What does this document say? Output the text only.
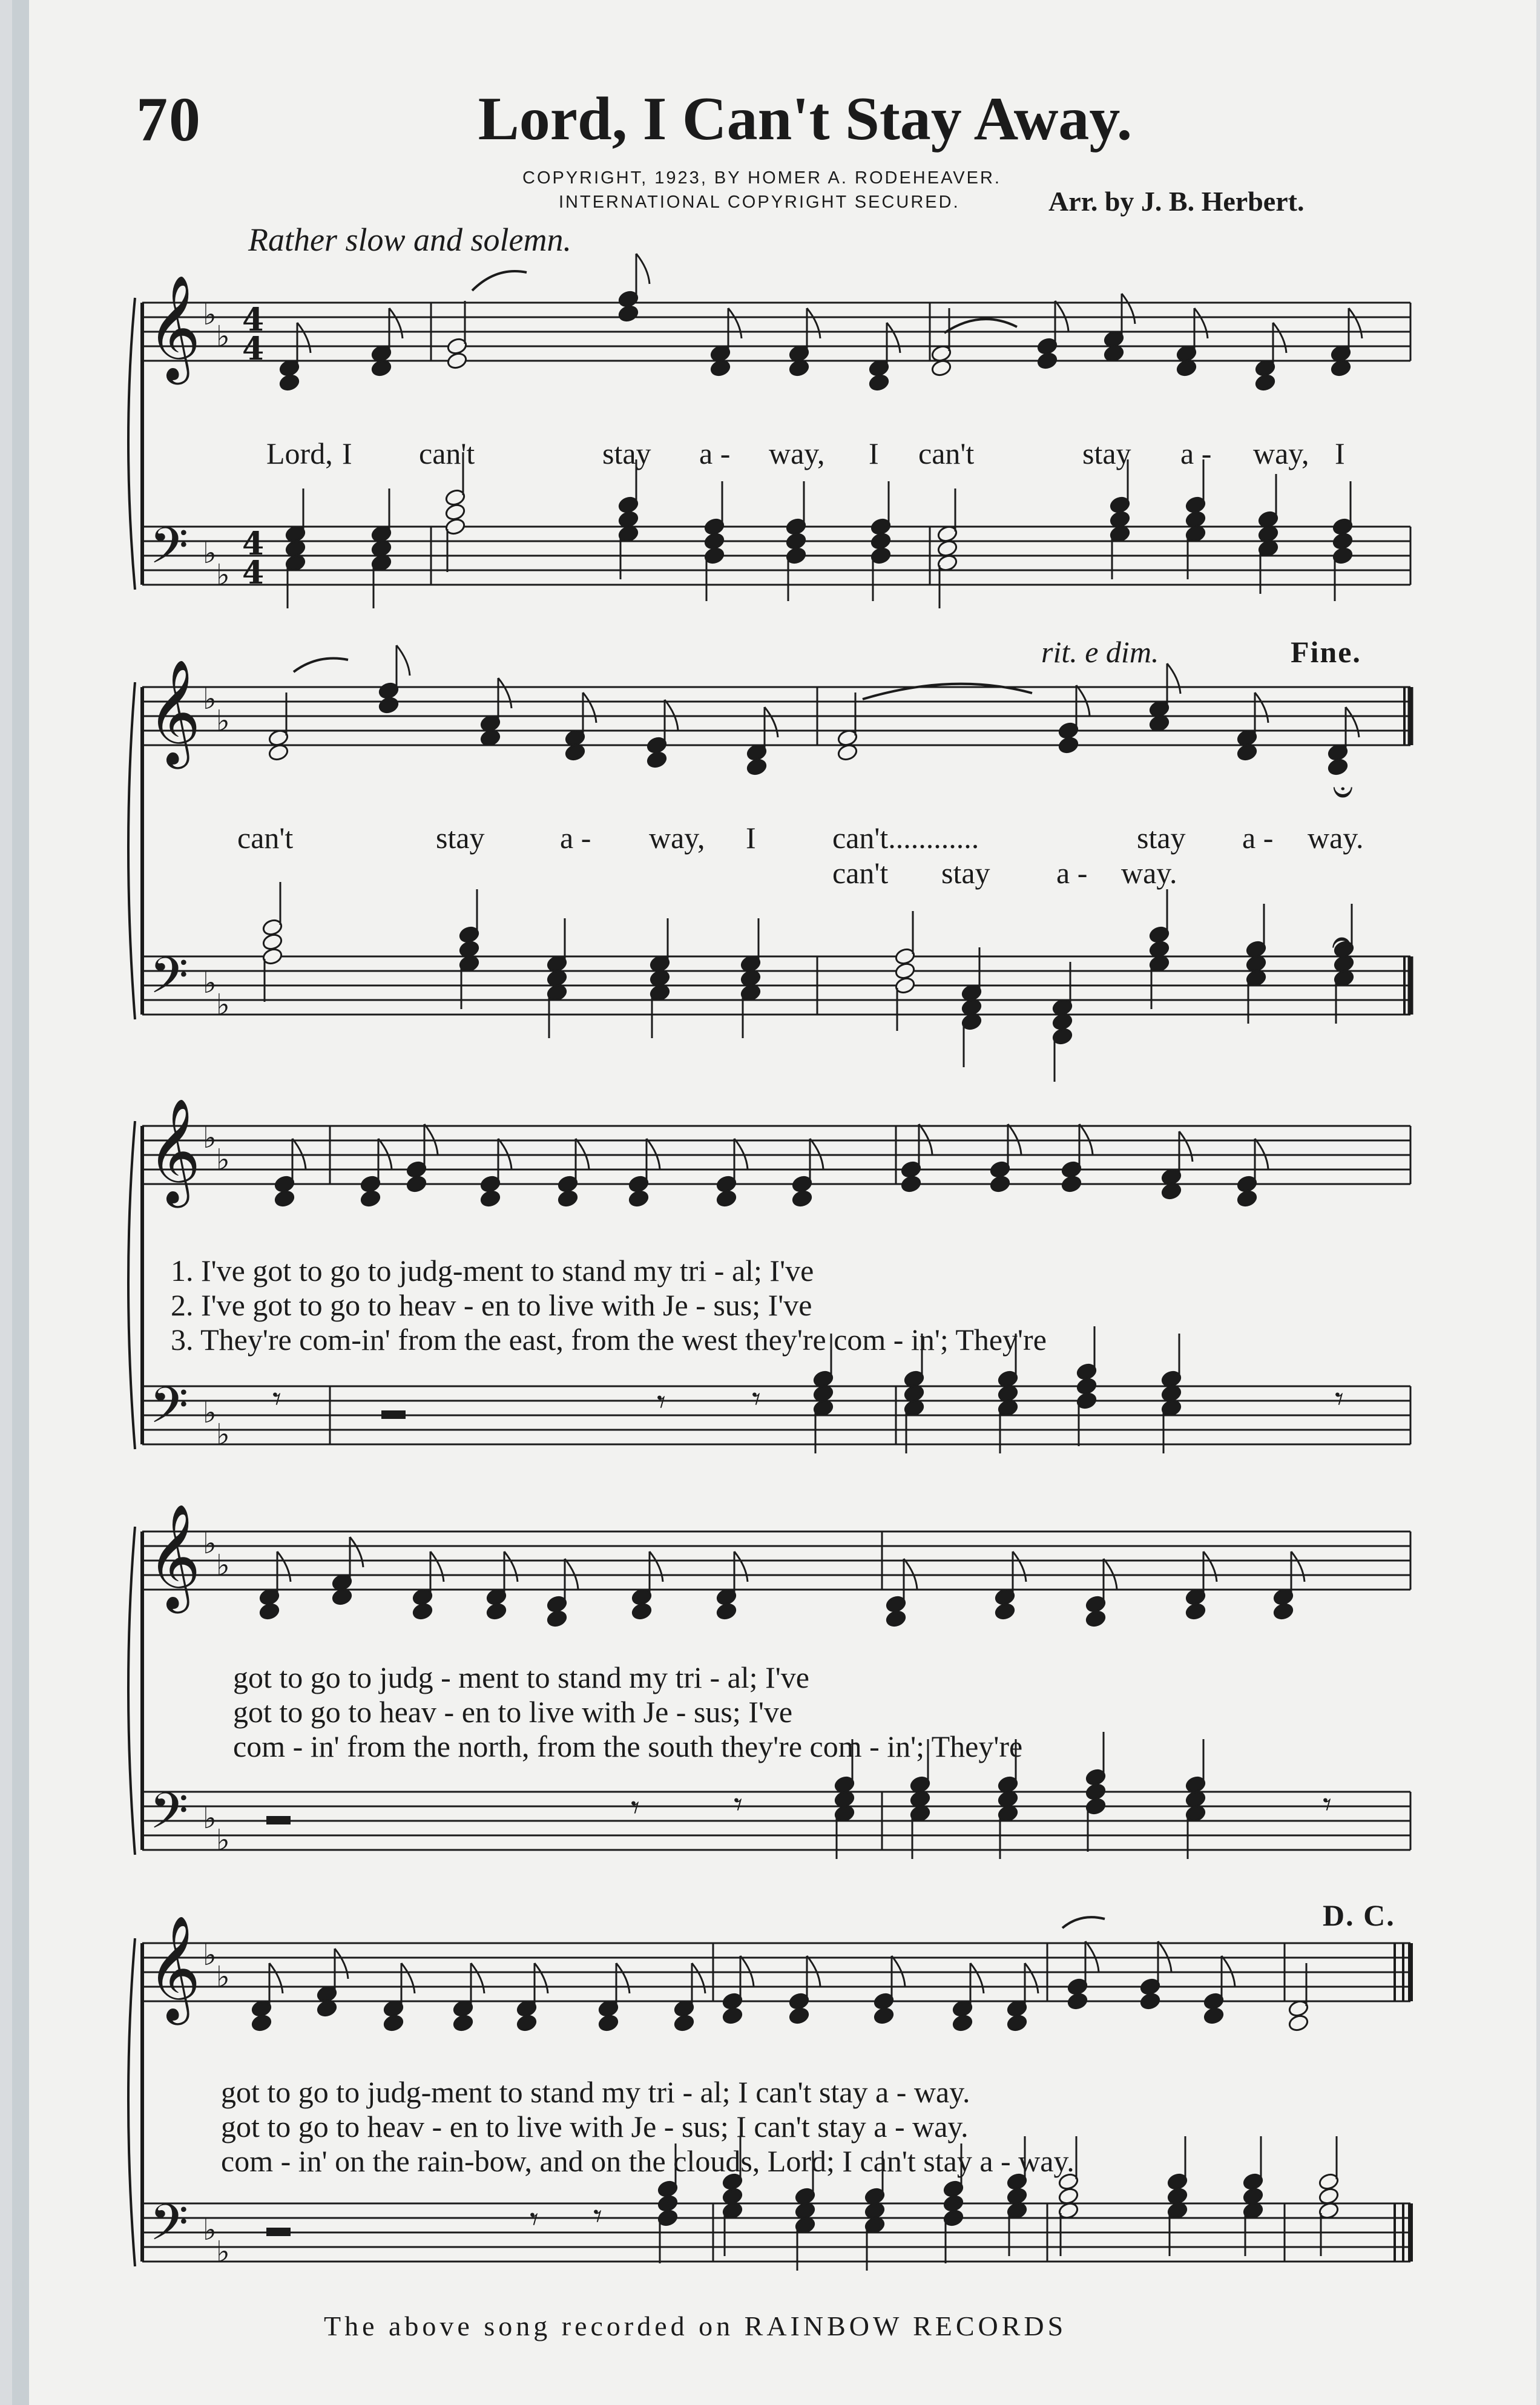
70	Lord, I Can't Stay Away.
COPYRIGHT, 1923, BY HOMER A. RODEHEAVER.
INTERNATIONAL COPYRIGHT SECURED.	Arr. by J. B. Herbert.
Rather slow and solemn.
rit. e dim.	Fine.
D. C.
𝄞
𝄢
♭
♭
♭
♭
4
4
4
4
𝄞
𝄢
♭
♭
♭
♭
𝄞
𝄢
♭
♭
♭
♭
𝄞
𝄢
♭
♭
♭
♭
𝄞
𝄢
♭
♭
♭
♭
𝄐
𝄐
𝄾	𝄾	𝄾
𝄾
𝄾	𝄾	𝄾
𝄾 𝄾
Lord, I can't	stay a - way, I can't	stay a - way, I
can't	stay a - way, I	can't............	stay a - way.
can't stay a - way.
1. I've got to go to judg-ment to stand my tri - al; I've
2. I've got to go to heav - en to live with Je - sus; I've
3. They're com-in' from the east, from the west they're com - in'; They're
got to go to judg - ment to stand my tri - al; I've
got to go to heav - en to live with Je - sus; I've
com - in' from the north, from the south they're com - in'; They're
got to go to judg-ment to stand my tri - al; I can't stay a - way.
got to go to heav - en to live with Je - sus; I can't stay a - way.
com - in' on the rain-bow, and on the clouds, Lord; I can't stay a - way.
The above song recorded on RAINBOW RECORDS
